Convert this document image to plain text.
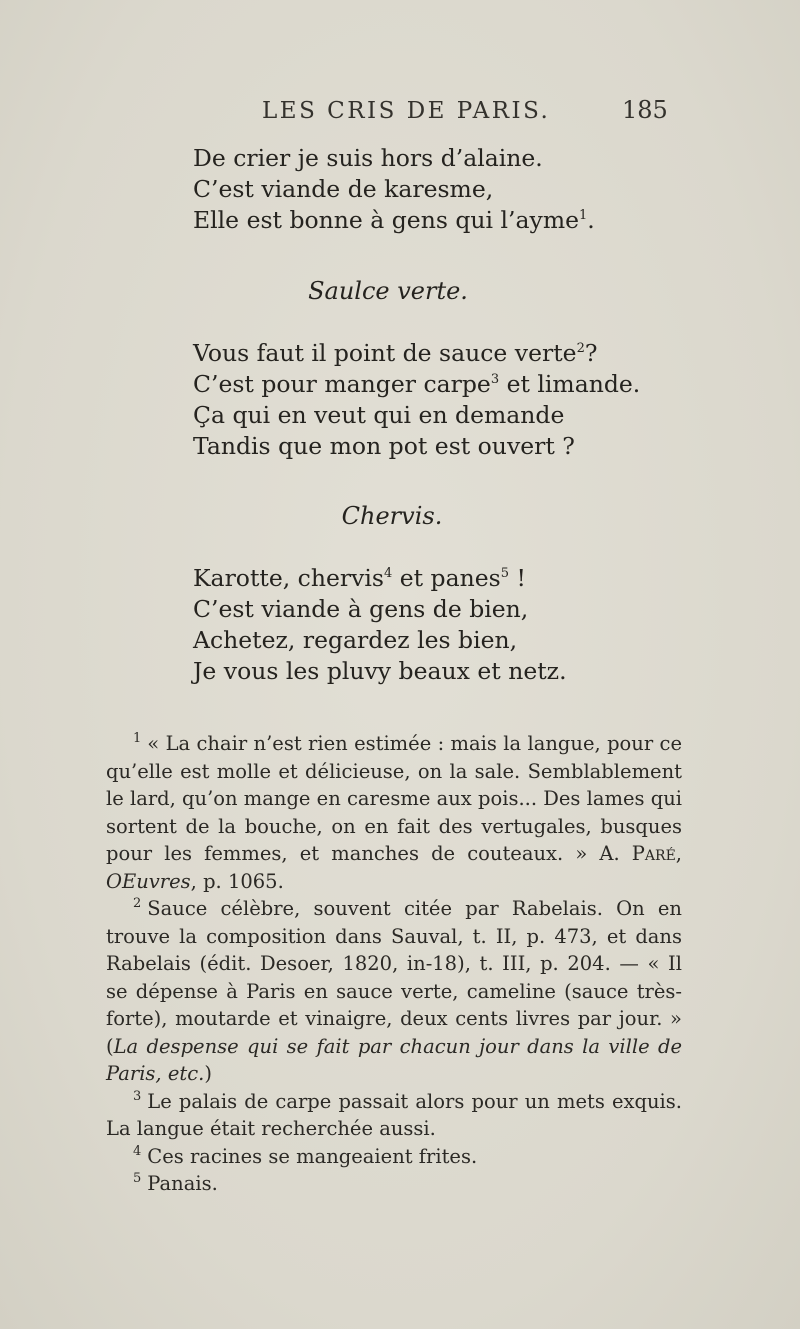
LES CRIS DE PARIS.	185
De crier je suis hors d’alaine.
C’est viande de karesme,
Elle est bonne à gens qui l’ayme$^1$.
Saulce verte.
Vous faut il point de sauce verte$^2$?
C’est pour manger carpe$^3$ et limande.
Ça qui en veut qui en demande
Tandis que mon pot est ouvert ?
Chervis.
Karotte, chervis$^4$ et panes$^5$ !
C’est viande à gens de bien,
Achetez, regardez les bien,
Je vous les pluvy beaux et netz.

$^1$ « La chair n’est rien estimée : mais la langue, pour ce qu’elle est molle et délicieuse, on la sale. Semblablement le lard, qu’on mange en caresme aux pois... Des lames qui sortent de la bouche, on en fait des vertugales, busques pour les femmes, et manches de couteaux. » A. Paré, OEuvres, p. 1065.

$^2$ Sauce célèbre, souvent citée par Rabelais. On en trouve la composition dans Sauval, t. II, p. 473, et dans Rabelais (édit. Desoer, 1820, in-18), t. III, p. 204. — « Il se dépense à Paris en sauce verte, cameline (sauce très-forte), moutarde et vinaigre, deux cents livres par jour. » (La despense qui se fait par chacun jour dans la ville de Paris, etc.)

$^3$ Le palais de carpe passait alors pour un mets exquis. La langue était recherchée aussi.

$^4$ Ces racines se mangeaient frites.

$^5$ Panais.
